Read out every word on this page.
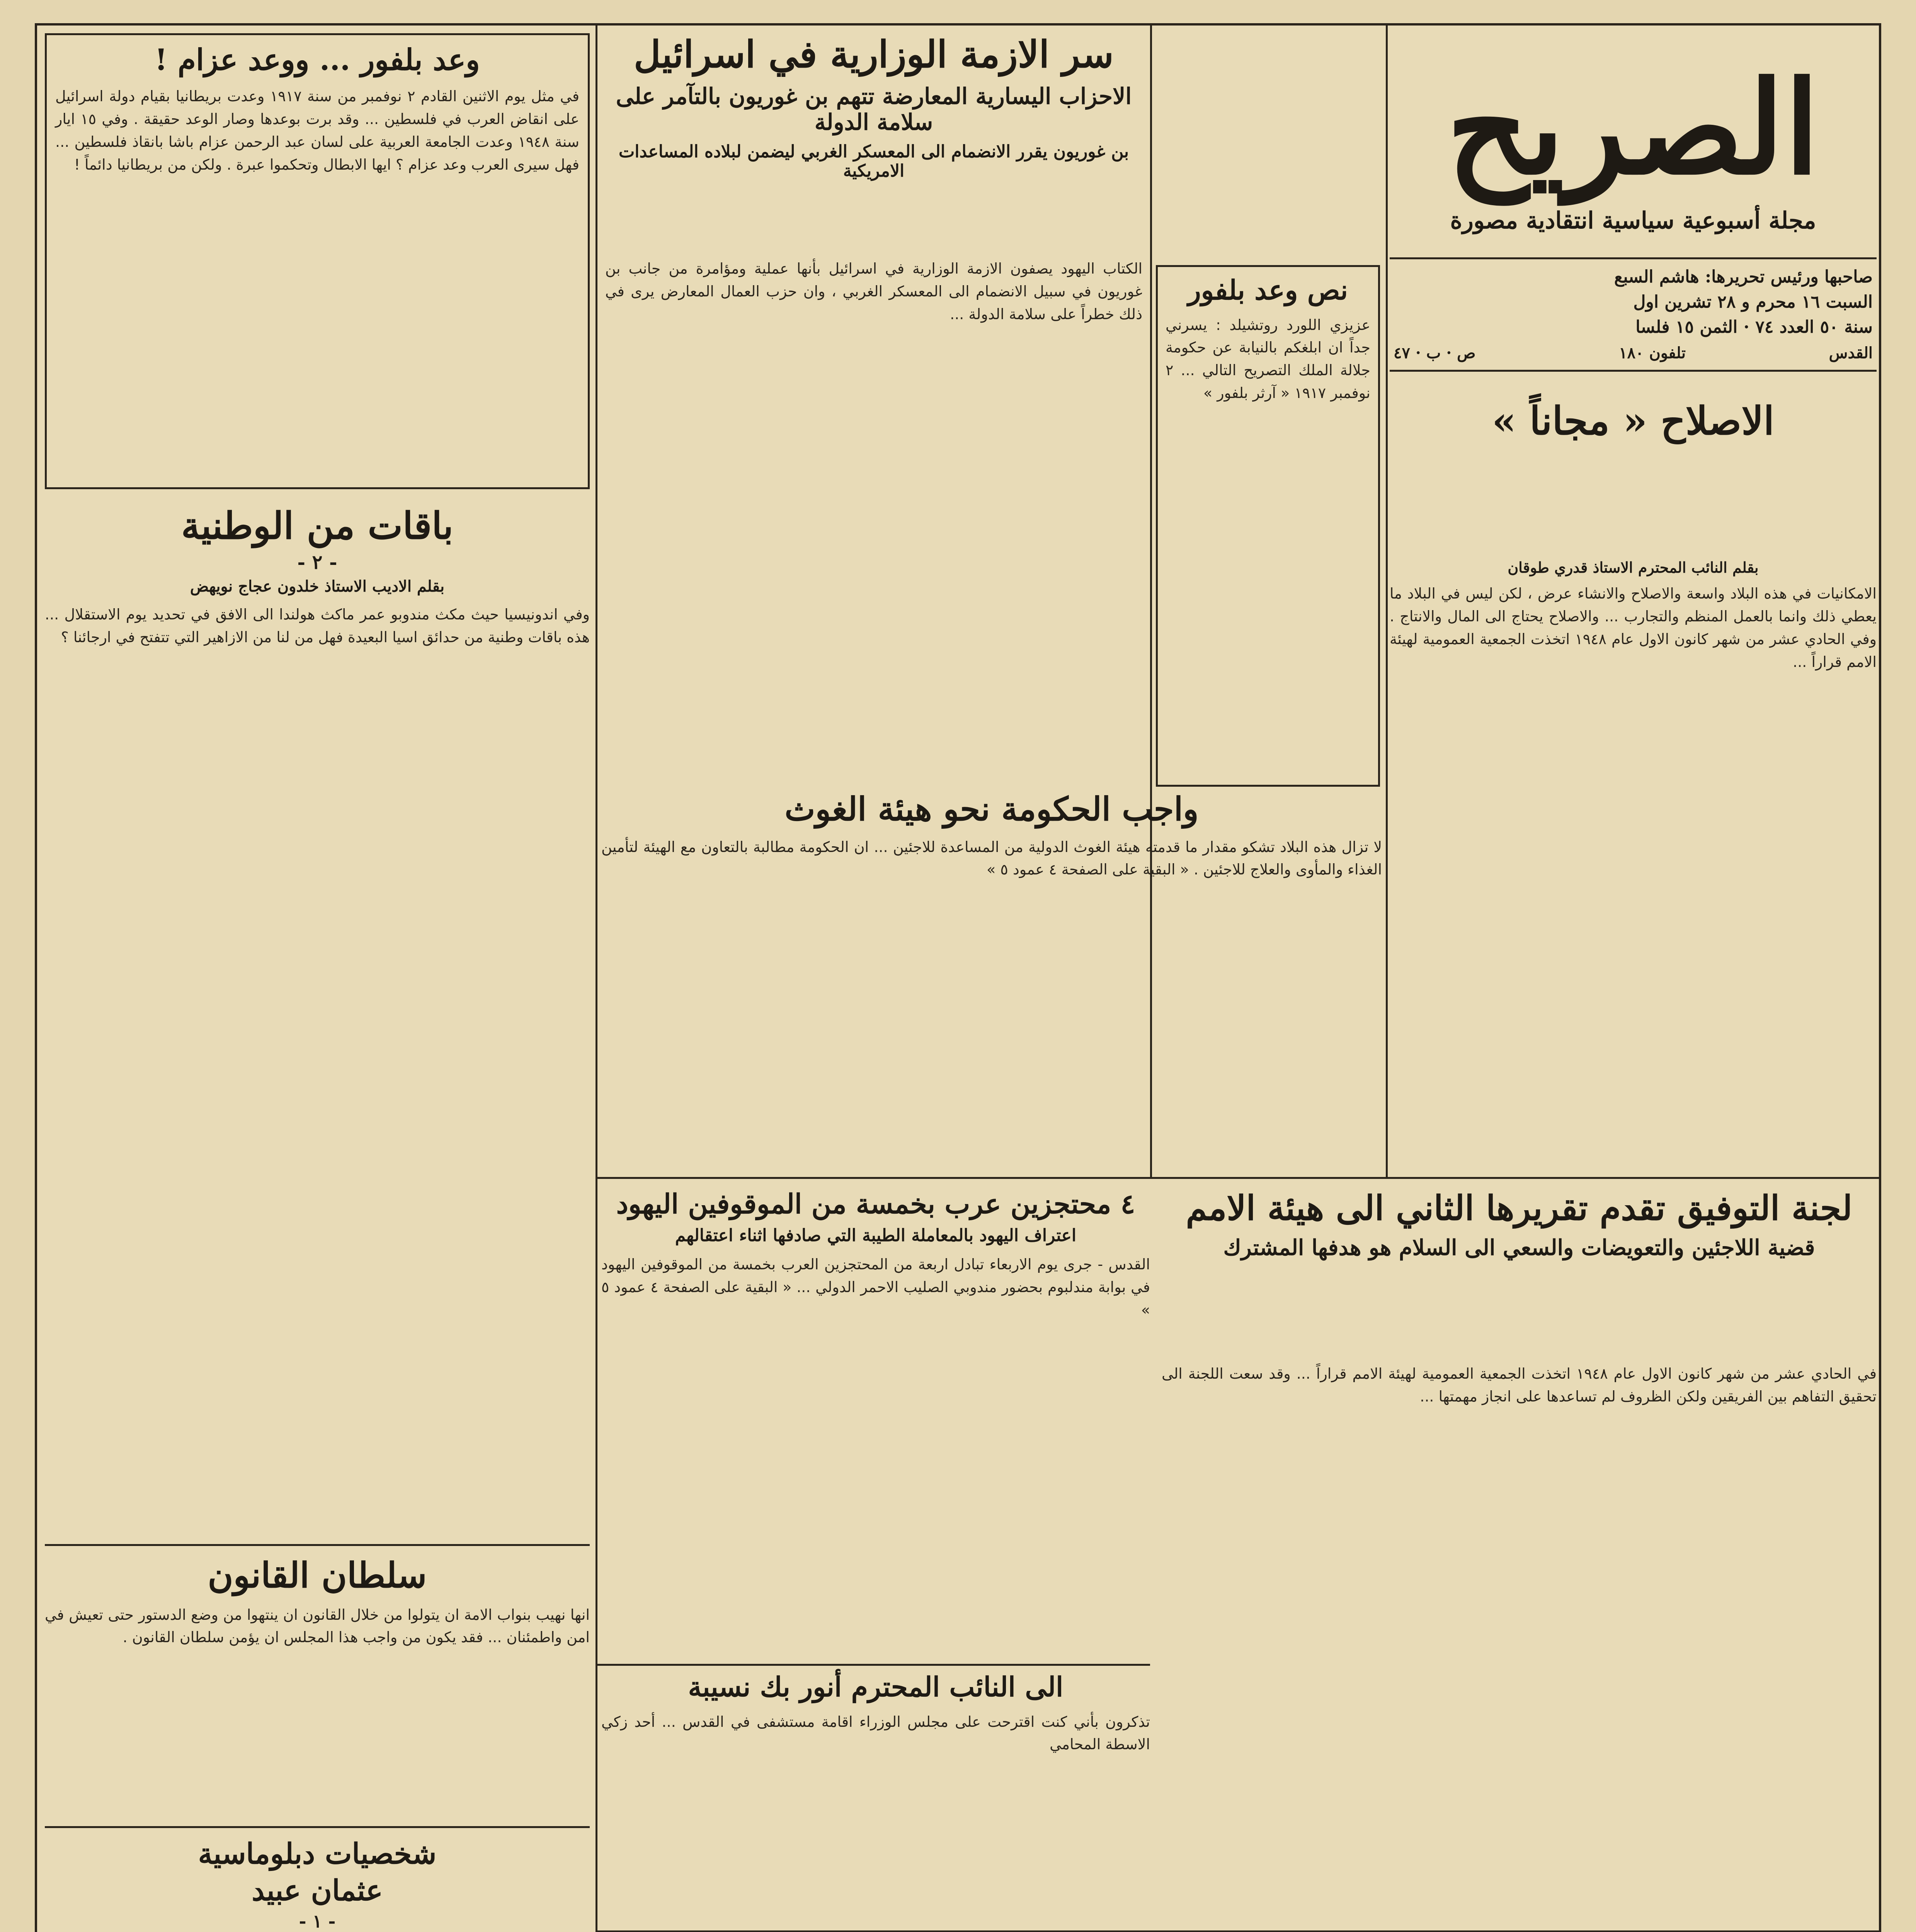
الصريح
مجلة أسبوعية سياسية انتقادية مصورة
صاحبها ورئيس تحريرها: هاشم السبع
السبت ١٦ محرم و ٢٨ تشرين اول
سنة ٥٠ العدد ٧٤ · الثمن ١٥ فلسا
القدس
تلفون ١٨٠
ص · ب · ٤٧
الاصلاح « مجاناً »
بقلم النائب المحترم الاستاذ قدري طوقان
الامكانيات في هذه البلاد واسعة والاصلاح والانشاء عرض ، لكن ليس في البلاد ما يعطي ذلك وانما بالعمل المنظم والتجارب ... والاصلاح يحتاج الى المال والانتاج . وفي الحادي عشر من شهر كانون الاول عام ١٩٤٨ اتخذت الجمعية العمومية لهيئة الامم قراراً ...
سر الازمة الوزارية في اسرائيل
الاحزاب اليسارية المعارضة تتهم بن غوريون بالتآمر على سلامة الدولة
بن غوريون يقرر الانضمام الى المعسكر الغربي ليضمن لبلاده المساعدات الامريكية
الكتاب اليهود يصفون الازمة الوزارية في اسرائيل بأنها عملية ومؤامرة من جانب بن غوريون في سبيل الانضمام الى المعسكر الغربي ، وان حزب العمال المعارض يرى في ذلك خطراً على سلامة الدولة ...
نص وعد بلفور
عزيزي اللورد روتشيلد : يسرني جداً ان ابلغكم بالنيابة عن حكومة جلالة الملك التصريح التالي ... ٢ نوفمبر ١٩١٧ « آرثر بلفور »
واجب الحكومة نحو هيئة الغوث
لا تزال هذه البلاد تشكو مقدار ما قدمته هيئة الغوث الدولية من المساعدة للاجئين ... ان الحكومة مطالبة بالتعاون مع الهيئة لتأمين الغذاء والمأوى والعلاج للاجئين . « البقية على الصفحة ٤ عمود ٥ »
وعد بلفور ... ووعد عزام !
في مثل يوم الاثنين القادم ٢ نوفمبر من سنة ١٩١٧ وعدت بريطانيا بقيام دولة اسرائيل على انقاض العرب في فلسطين ... وقد برت بوعدها وصار الوعد حقيقة . وفي ١٥ ايار سنة ١٩٤٨ وعدت الجامعة العربية على لسان عبد الرحمن عزام باشا بانقاذ فلسطين ... فهل سيرى العرب وعد عزام ؟ ايها الابطال وتحكموا عبرة . ولكن من بريطانيا دائماً !
باقات من الوطنية
- ٢ -
بقلم الاديب الاستاذ خلدون عجاج نويهض
وفي اندونيسيا حيث مكث مندوبو عمر ماكث هولندا الى الافق في تحديد يوم الاستقلال ... هذه باقات وطنية من حدائق اسيا البعيدة فهل من لنا من الازاهير التي تتفتح في ارجائنا ؟
سلطان القانون
انها نهيب بنواب الامة ان يتولوا من خلال القانون ان ينتهوا من وضع الدستور حتى تعيش في امن واطمئنان ... فقد يكون من واجب هذا المجلس ان يؤمن سلطان القانون .
شخصيات دبلوماسية
عثمان عبيد
- ١ -
لجنة التوفيق تقدم تقريرها الثاني الى هيئة الامم
قضية اللاجئين والتعويضات والسعي الى السلام هو هدفها المشترك
في الحادي عشر من شهر كانون الاول عام ١٩٤٨ اتخذت الجمعية العمومية لهيئة الامم قراراً ... وقد سعت اللجنة الى تحقيق التفاهم بين الفريقين ولكن الظروف لم تساعدها على انجاز مهمتها ...
٤ محتجزين عرب بخمسة من الموقوفين اليهود
اعتراف اليهود بالمعاملة الطيبة التي صادفها اثناء اعتقالهم
القدس - جرى يوم الاربعاء تبادل اربعة من المحتجزين العرب بخمسة من الموقوفين اليهود في بوابة مندلبوم بحضور مندوبي الصليب الاحمر الدولي ... « البقية على الصفحة ٤ عمود ٥ »
الى النائب المحترم أنور بك نسيبة
تذكرون بأني كنت اقترحت على مجلس الوزراء اقامة مستشفى في القدس ... أحد زكي الاسطة المحامي
